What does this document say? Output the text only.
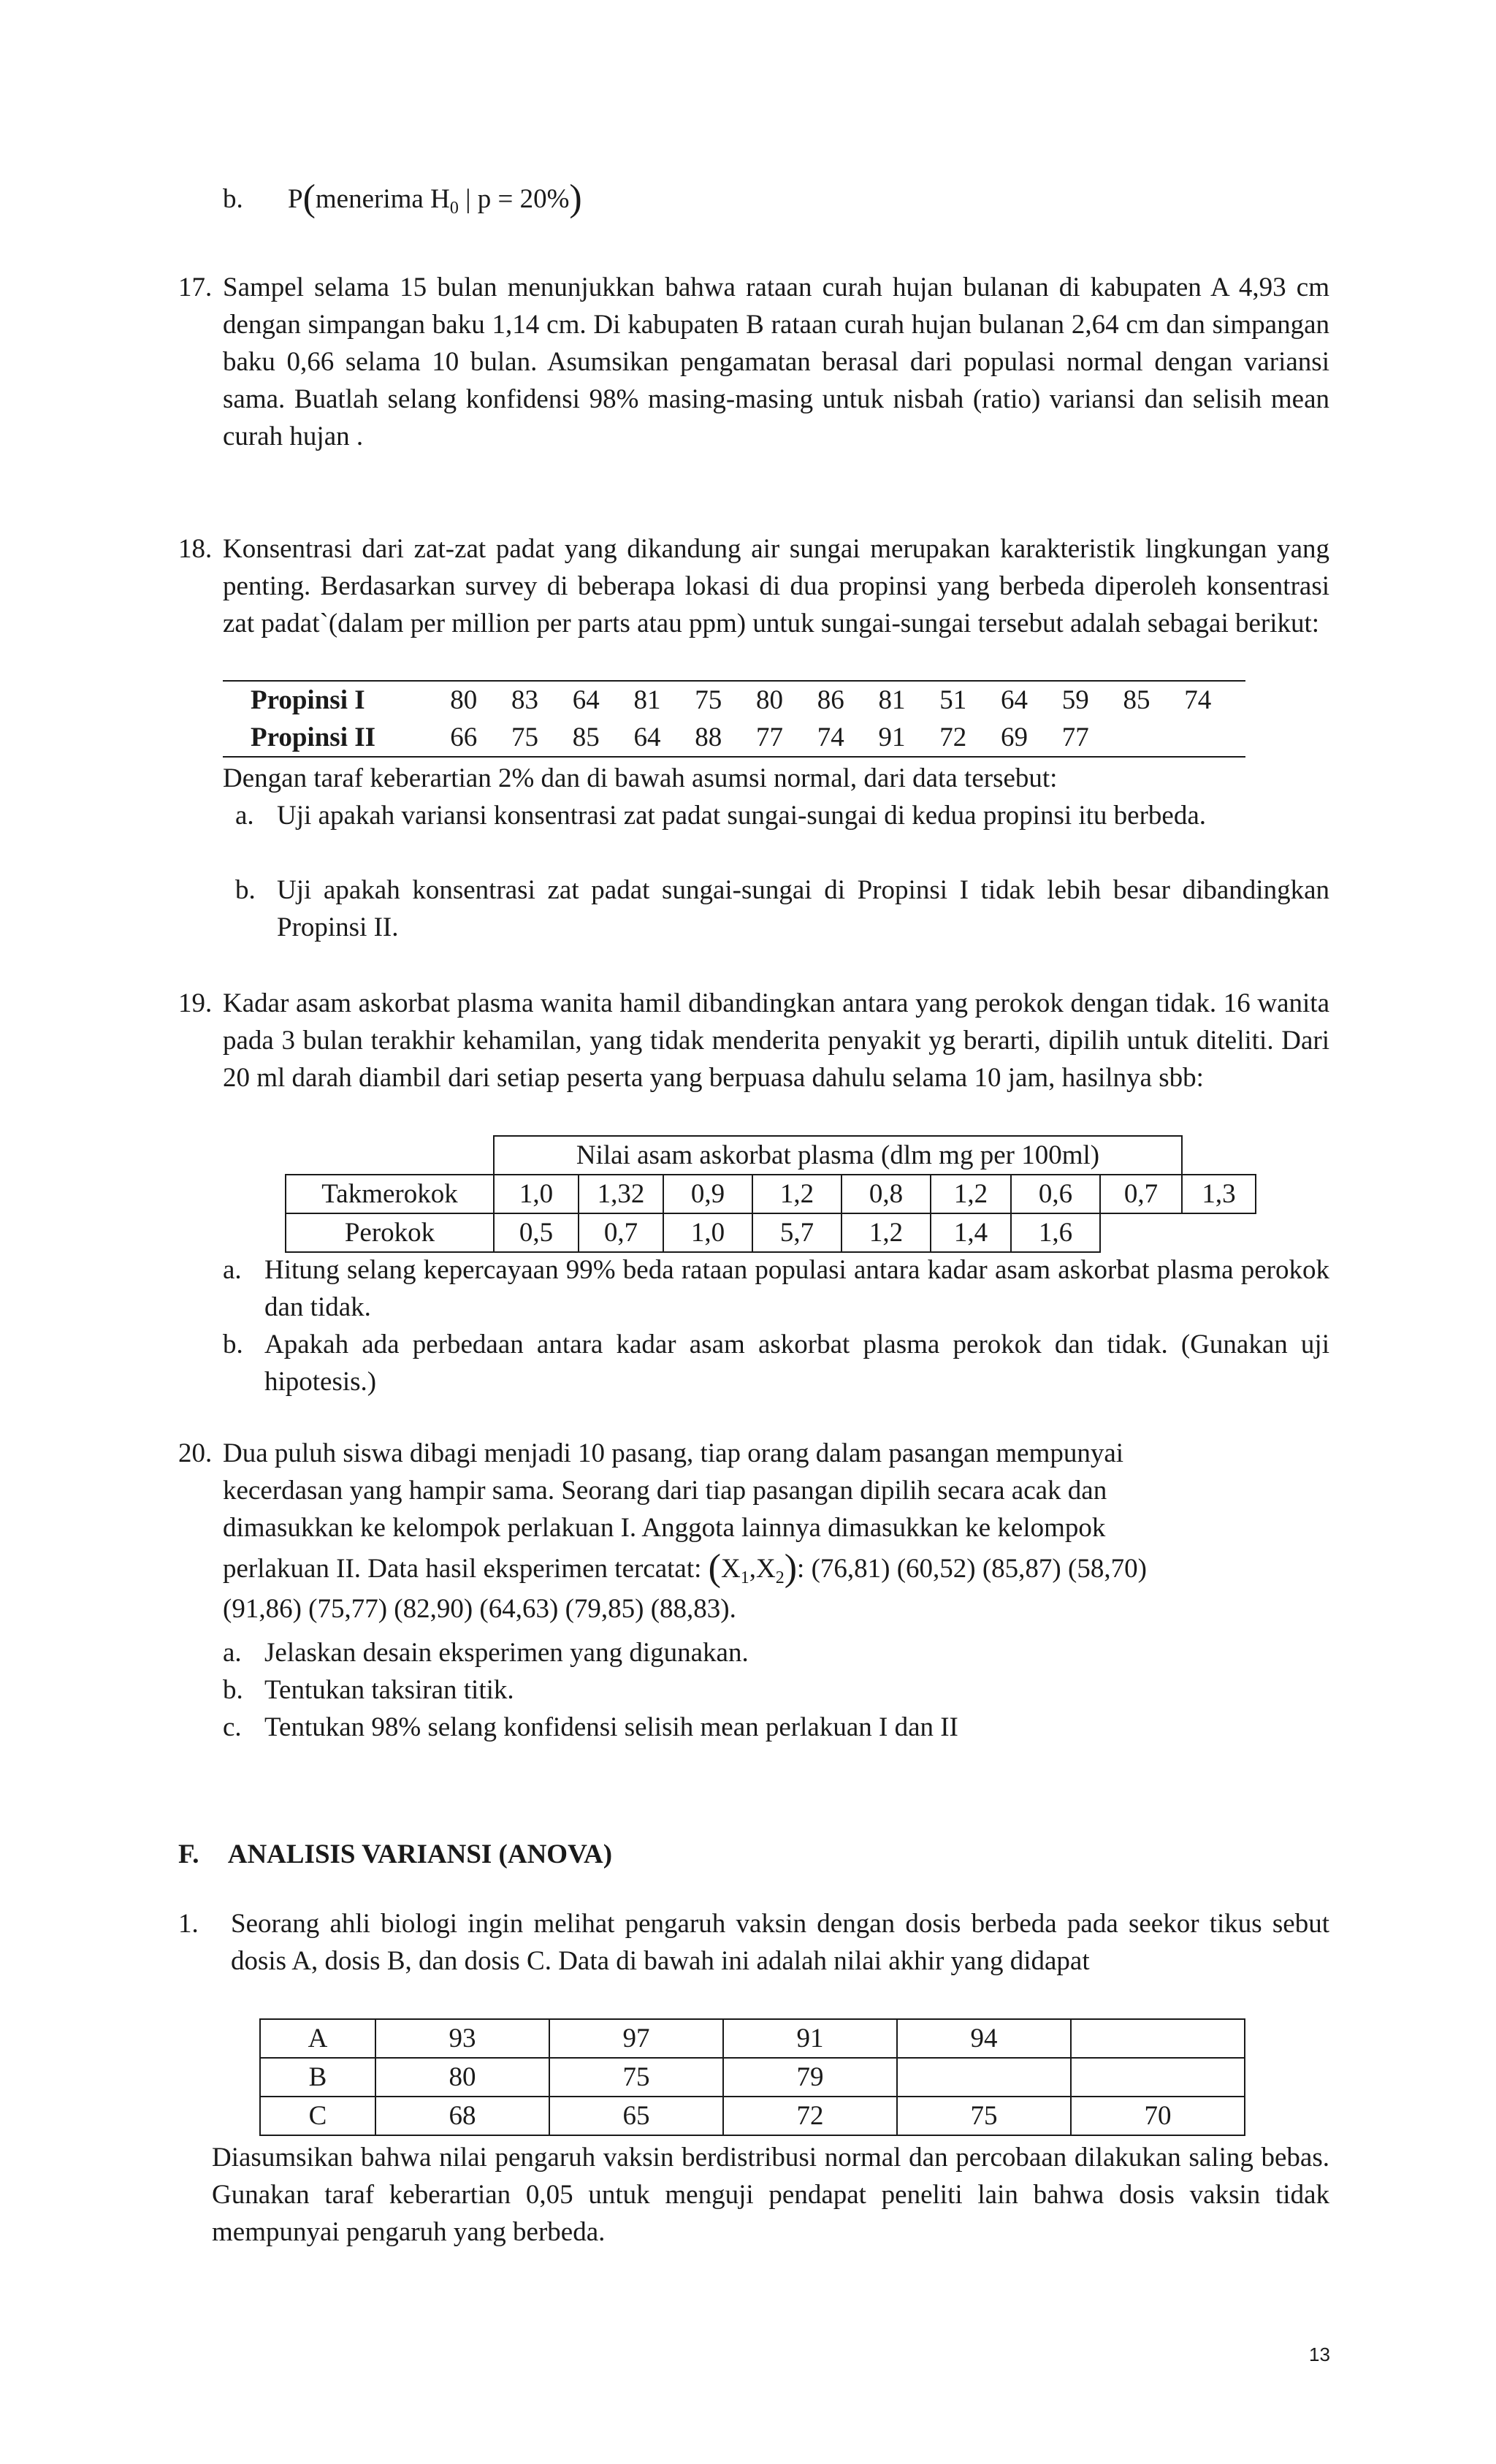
b. P(menerima $H_0$ | p = 20%)
17. Sampel selama 15 bulan menunjukkan bahwa rataan curah hujan bulanan di kabupaten A 4,93 cm dengan simpangan baku 1,14 cm. Di kabupaten B rataan curah hujan bulanan 2,64 cm dan simpangan baku 0,66 selama 10 bulan. Asumsikan pengamatan berasal dari populasi normal dengan variansi sama. Buatlah selang konfidensi 98% masing-masing untuk nisbah (ratio) variansi dan selisih mean curah hujan .

18. Konsentrasi dari zat-zat padat yang dikandung air sungai merupakan karakteristik lingkungan yang penting. Berdasarkan survey di beberapa lokasi di dua propinsi yang berbeda diperoleh konsentrasi zat padat`(dalam per million per parts atau ppm) untuk sungai-sungai tersebut adalah sebagai berikut:

Propinsi I	80	83	64	81	75	80	86	81	51	64	59	85	74
Propinsi II	66	75	85	64	88	77	74	91	72	69	77		
Dengan taraf keberartian 2% dan di bawah asumsi normal, dari data tersebut:
a. Uji apakah variansi konsentrasi zat padat sungai-sungai di kedua propinsi itu berbeda.

b. Uji apakah konsentrasi zat padat sungai-sungai di Propinsi I tidak lebih besar dibandingkan Propinsi II.

19. Kadar asam askorbat plasma wanita hamil dibandingkan antara yang perokok dengan tidak. 16 wanita pada 3 bulan terakhir kehamilan, yang tidak menderita penyakit yg berarti, dipilih untuk diteliti. Dari 20 ml darah diambil dari setiap peserta yang berpuasa dahulu selama 10 jam, hasilnya sbb:

	Nilai asam askorbat plasma (dlm mg per 100ml)								
Takmerokok	1,0	1,32	0,9	1,2	0,8	1,2	0,6	0,7	1,3
Perokok	0,5	0,7	1,0	5,7	1,2	1,4	1,6		
a. Hitung selang kepercayaan 99% beda rataan populasi antara kadar asam askorbat plasma perokok dan tidak.

b. Apakah ada perbedaan antara kadar asam askorbat plasma perokok dan tidak. (Gunakan uji hipotesis.)

20. Dua puluh siswa dibagi menjadi 10 pasang, tiap orang dalam pasangan mempunyai
kecerdasan yang hampir sama. Seorang dari tiap pasangan dipilih secara acak dan
dimasukkan ke kelompok perlakuan I. Anggota lainnya dimasukkan ke kelompok
perlakuan II. Data hasil eksperimen tercatat: $(X_1,X_2)$: (76,81) (60,52) (85,87) (58,70)
(91,86) (75,77) (82,90) (64,63) (79,85) (88,83).
a. Jelaskan desain eksperimen yang digunakan.
b. Tentukan taksiran titik.
c. Tentukan 98% selang konfidensi selisih mean perlakuan I dan II
F. ANALISIS VARIANSI (ANOVA)
1. Seorang ahli biologi ingin melihat pengaruh vaksin dengan dosis berbeda pada seekor tikus sebut dosis A, dosis B, dan dosis C. Data di bawah ini adalah nilai akhir yang didapat

A	93	97	91	94	
B	80	75	79		
C	68	65	72	75	70

Diasumsikan bahwa nilai pengaruh vaksin berdistribusi normal dan percobaan dilakukan saling bebas. Gunakan taraf keberartian 0,05 untuk menguji pendapat peneliti lain bahwa dosis vaksin tidak mempunyai pengaruh yang berbeda.

13
